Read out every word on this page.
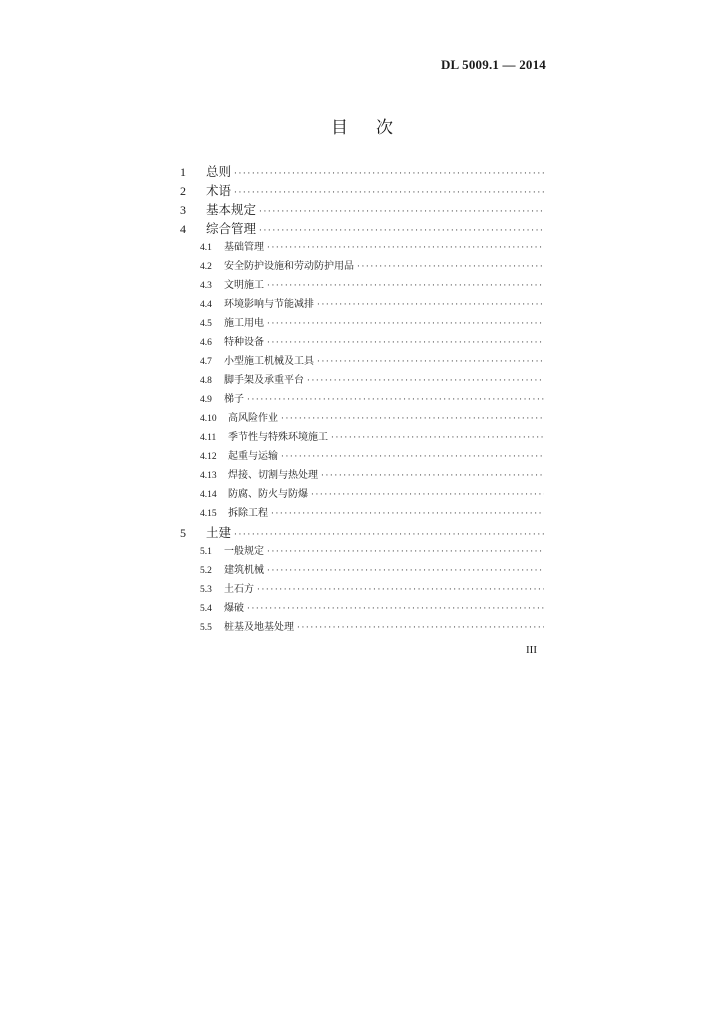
DL 5009.1 — 2014
目次
1	总则
·····
2	术语
·····
3	基本规定
·····
4	综合管理
·····
4.1	基础管理
·····
4.2	安全防护设施和劳动防护用品
·····
4.3	文明施工
·····
4.4	环境影响与节能减排
·····
4.5	施工用电
·····
4.6	特种设备
·····
4.7	小型施工机械及工具
·····
4.8	脚手架及承重平台
·····
4.9	梯子
·····
4.10	高风险作业
·····
4.11	季节性与特殊环境施工
·····
4.12	起重与运输
·····
4.13	焊接、切割与热处理
·····
4.14	防腐、防火与防爆
·····
4.15	拆除工程
·····
5	土建
·····
5.1	一般规定
·····
5.2	建筑机械
·····
5.3	土石方
·····
5.4	爆破
·····
5.5	桩基及地基处理
·····
III
